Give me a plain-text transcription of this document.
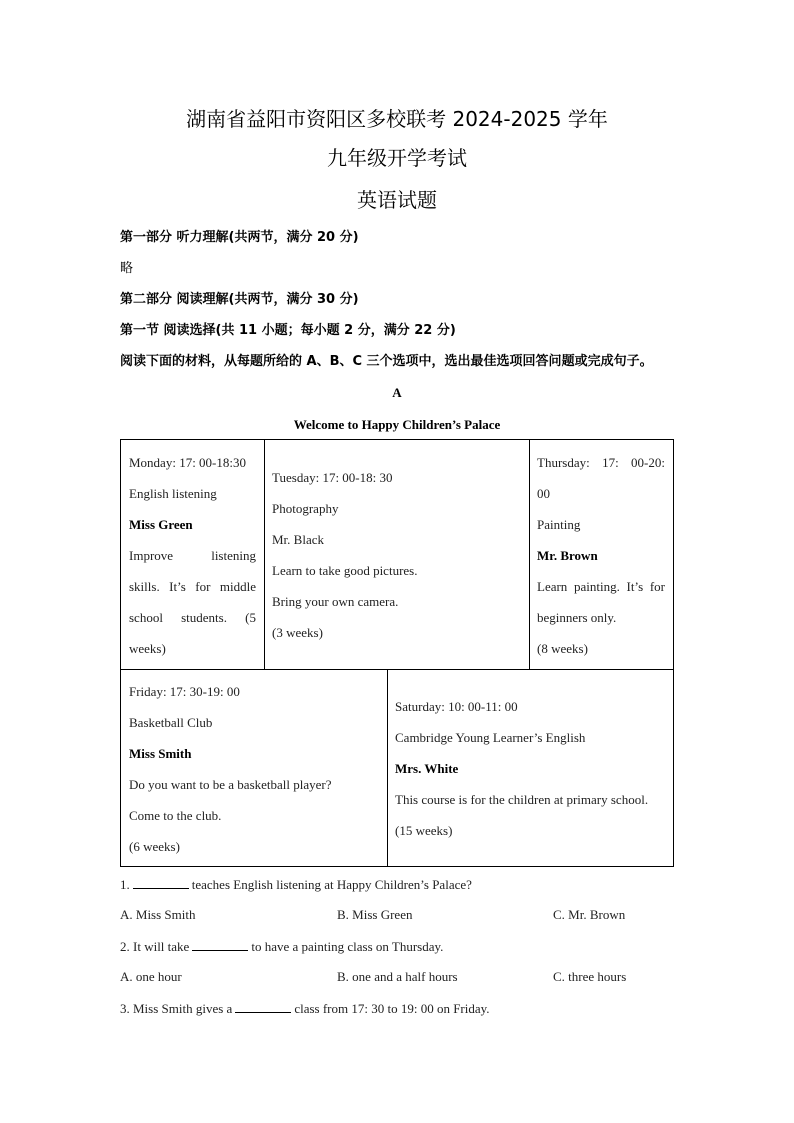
湖南省益阳市资阳区多校联考 2024-2025 学年
九年级开学考试
英语试题
第一部分 听力理解(共两节，满分 20 分)
略
第二部分 阅读理解(共两节，满分 30 分)
第一节 阅读选择(共 11 小题；每小题 2 分，满分 22 分)
阅读下面的材料，从每题所给的 A、B、C 三个选项中，选出最佳选项回答问题或完成句子。
A
Welcome to Happy Children’s Palace
Monday: 17: 00-18:30
English listening
Miss Green
Improve listening
skills. It’s for middle
school students. (5
weeks)
Tuesday: 17: 00-18: 30
Photography
Mr. Black
Learn to take good pictures.
Bring your own camera.
(3 weeks)
Thursday: 17: 00-20:
00
Painting
Mr. Brown
Learn painting. It’s for
beginners only.
(8 weeks)
Friday: 17: 30-19: 00
Basketball Club
Miss Smith
Do you want to be a basketball player?
Come to the club.
(6 weeks)
Saturday: 10: 00-11: 00
Cambridge Young Learner’s English
Mrs. White
This course is for the children at primary school.
(15 weeks)
1.	teaches English listening at Happy Children’s Palace?
A. Miss Smith	B. Miss Green	C. Mr. Brown
2. It will take	to have a painting class on Thursday.
A. one hour	B. one and a half hours	C. three hours
3. Miss Smith gives a	class from 17: 30 to 19: 00 on Friday.
